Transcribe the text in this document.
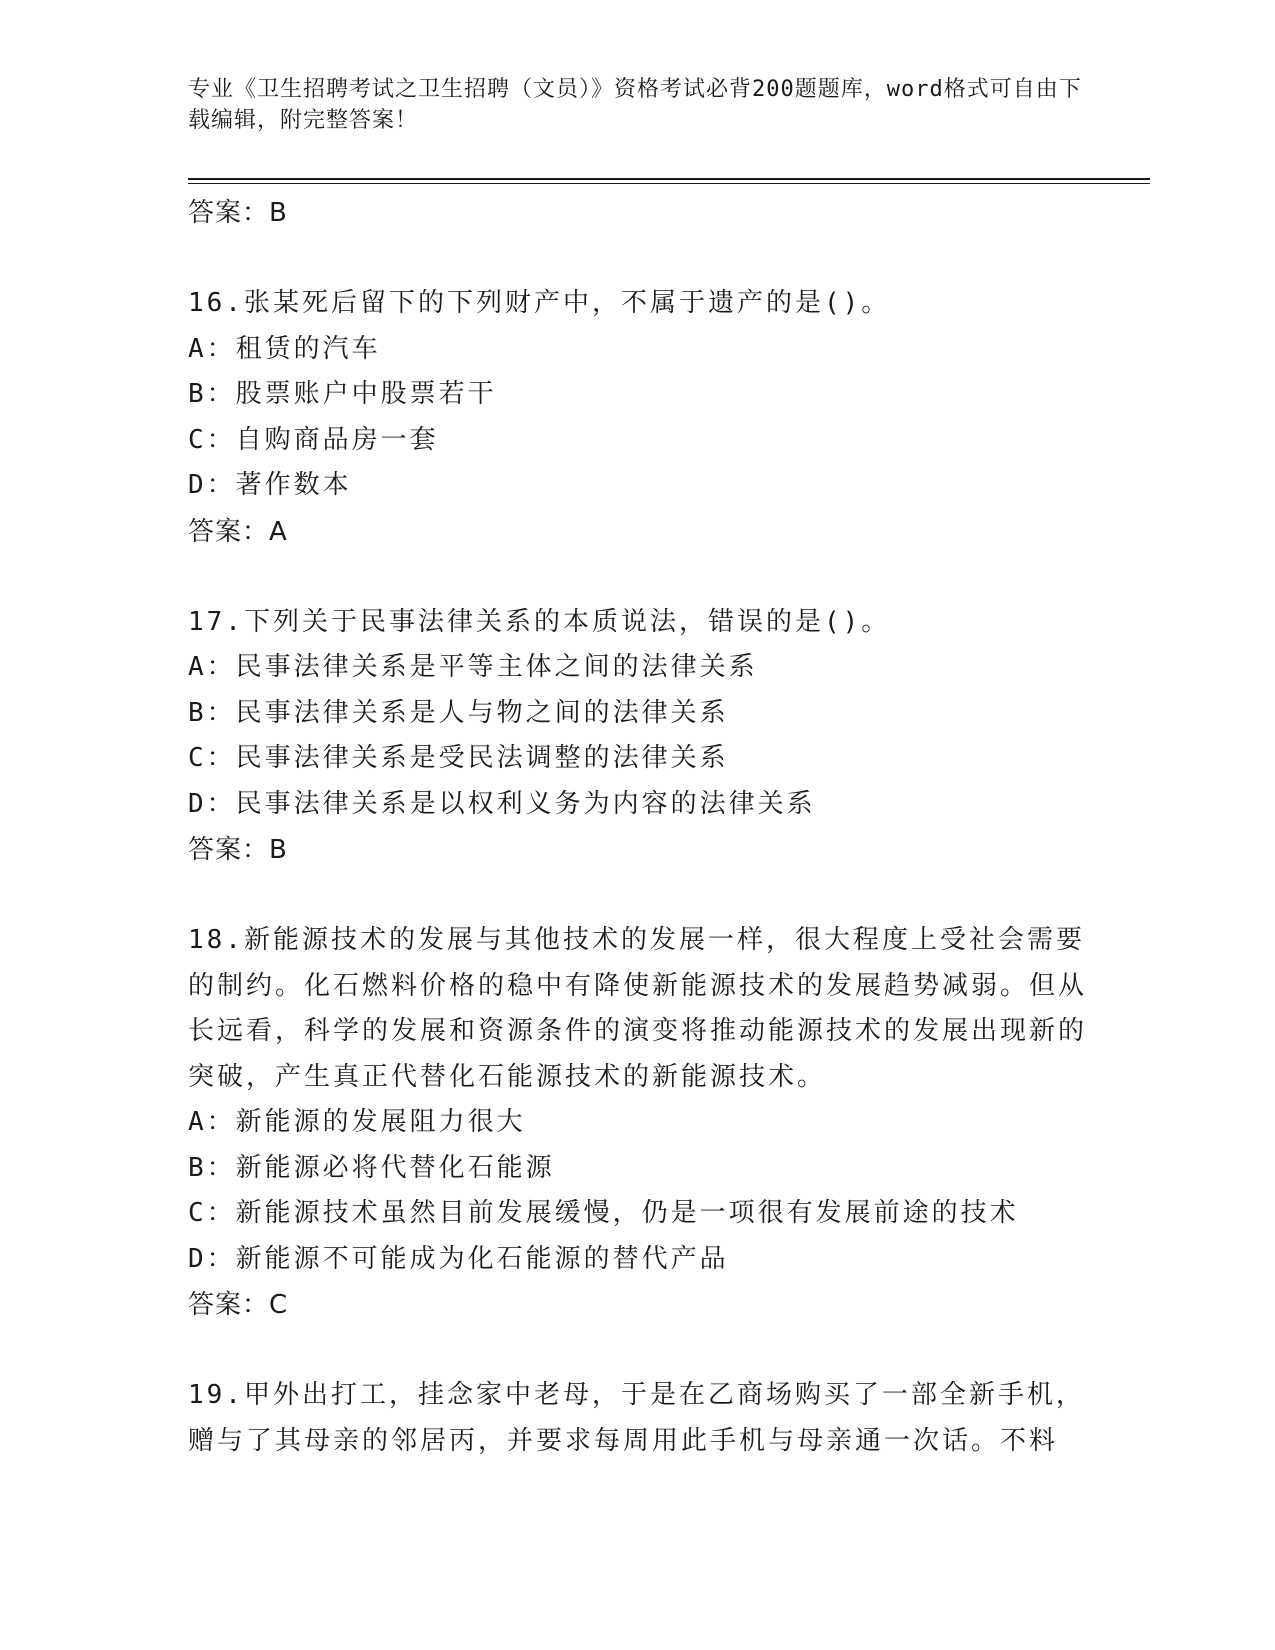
专业《卫生招聘考试之卫生招聘（文员）》资格考试必背200题题库，word格式可自由下载编辑，附完整答案！
答案：B
16.张某死后留下的下列财产中，不属于遗产的是()。
A：租赁的汽车
B：股票账户中股票若干
C：自购商品房一套
D：著作数本
答案：A
17.下列关于民事法律关系的本质说法，错误的是()。
A：民事法律关系是平等主体之间的法律关系
B：民事法律关系是人与物之间的法律关系
C：民事法律关系是受民法调整的法律关系
D：民事法律关系是以权利义务为内容的法律关系
答案：B
18.新能源技术的发展与其他技术的发展一样，很大程度上受社会需要的制约。化石燃料价格的稳中有降使新能源技术的发展趋势减弱。但从长远看，科学的发展和资源条件的演变将推动能源技术的发展出现新的突破，产生真正代替化石能源技术的新能源技术。
A：新能源的发展阻力很大
B：新能源必将代替化石能源
C：新能源技术虽然目前发展缓慢，仍是一项很有发展前途的技术
D：新能源不可能成为化石能源的替代产品
答案：C
19.甲外出打工，挂念家中老母，于是在乙商场购买了一部全新手机，赠与了其母亲的邻居丙，并要求每周用此手机与母亲通一次话。不料
